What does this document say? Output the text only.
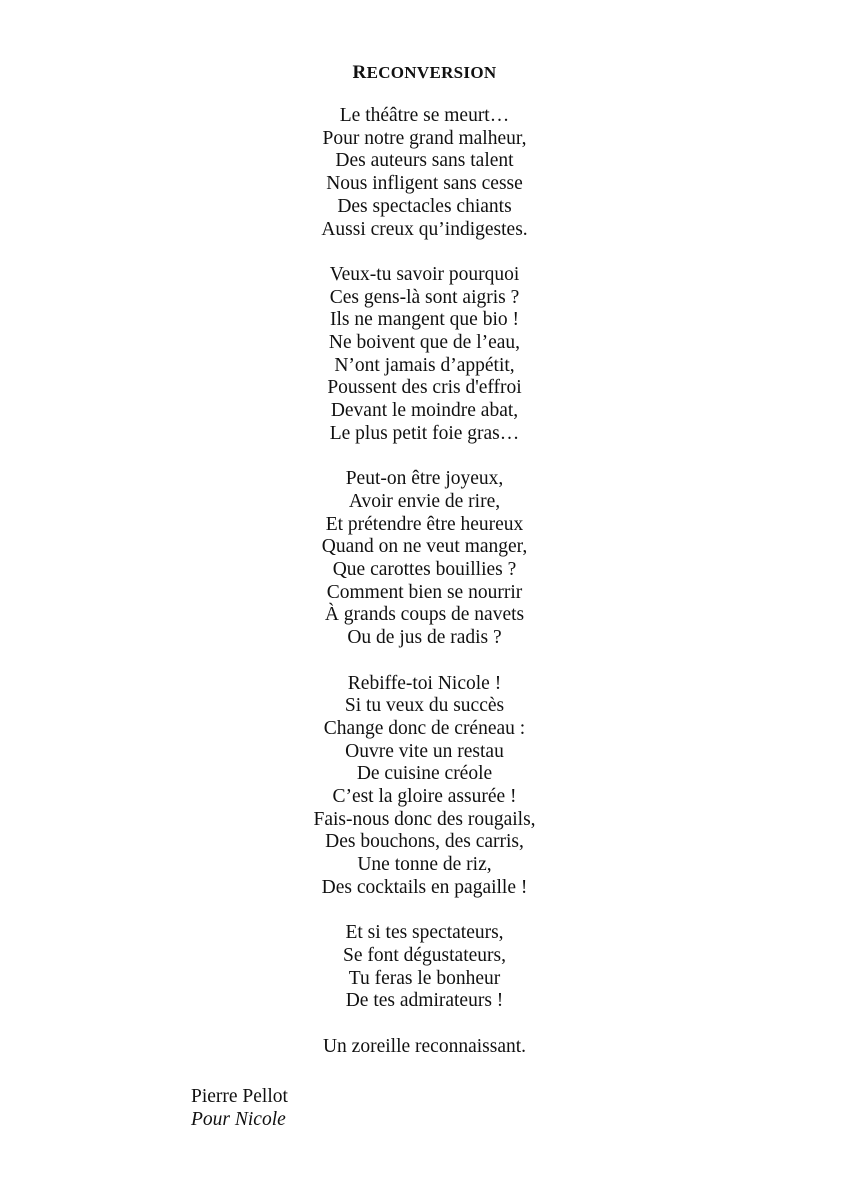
RECONVERSION
Le théâtre se meurt…
Pour notre grand malheur,
Des auteurs sans talent
Nous infligent sans cesse
Des spectacles chiants
Aussi creux qu’indigestes.
Veux-tu savoir pourquoi
Ces gens-là sont aigris ?
Ils ne mangent que bio !
Ne boivent que de l’eau,
N’ont jamais d’appétit,
Poussent des cris d'effroi
Devant le moindre abat,
Le plus petit foie gras…
Peut-on être joyeux,
Avoir envie de rire,
Et prétendre être heureux
Quand on ne veut manger,
Que carottes bouillies ?
Comment bien se nourrir
À grands coups de navets
Ou de jus de radis ?
Rebiffe-toi Nicole !
Si tu veux du succès
Change donc de créneau :
Ouvre vite un restau
De cuisine créole
C’est la gloire assurée !
Fais-nous donc des rougails,
Des bouchons, des carris,
Une tonne de riz,
Des cocktails en pagaille !
Et si tes spectateurs,
Se font dégustateurs,
Tu feras le bonheur
De tes admirateurs !
Un zoreille reconnaissant.
Pierre Pellot
Pour Nicole
